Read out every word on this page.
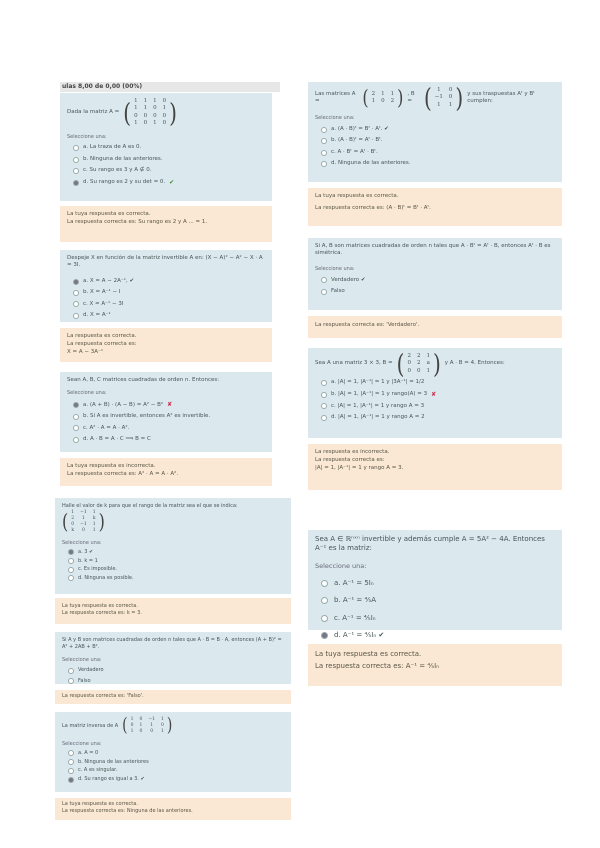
ulas 8,00 de 0,00 (00%)
Dada la matriz A = ( 1	1	1	0
1	1	0	1
0	0	0	0
1	0	1	0 )
Seleccione una:
a. La traza de A es 0.
b. Ninguna de las anteriores.
c. Su rango es 3 y A ∉ 0.
d. Su rango es 2 y su det = 0. ✔
La tuya respuesta es correcta.
La respuesta correcta es: Su rango es 2 y A ... = 1.
Despeje X en función de la matriz invertible A en: (X − A)² − A² − X · A = 3I.
a. X = A − 2A⁻¹, ✔
b. X = A⁻¹ − I
c. X = A⁻¹ − 3I
d. X = A⁻¹
La respuesta es correcta.
La respuesta correcta es:
X = A − 3A⁻¹
Sean A, B, C matrices cuadradas de orden n. Entonces:
Seleccione una:
a. (A + B) · (A − B) = A² − B² ✘
b. Si A es invertible, entonces A² es invertible.
c. A² · A = A · A².
d. A · B = A · C ⟹ B = C
La tuya respuesta es incorrecta.
La respuesta correcta es: A² · A = A · A².
Halle el valor de k para que el rango de la matriz sea el que se indica:
( 1	−1	1
2	1	k
0	−1	1
k	0	1 )
Seleccione una:
a. 3 ✔
b. k = 1
c. Es imposible.
d. Ninguna es posible.
La tuya respuesta es correcta.
La respuesta correcta es: k = 3.
Si A y B son matrices cuadradas de orden n tales que A · B = B · A, entonces (A + B)² = A² + 2AB + B².
Seleccione una:
Verdadero
Falso
La respuesta correcta es: 'Falso'.
La matriz inversa de A ( 1	0	−1	1
0	1	1	0
1	0	0	1 )
Seleccione una:
a. A = 0
b. Ninguna de las anteriores
c. A es singular.
d. Su rango es igual a 3. ✔
La tuya respuesta es correcta.
La respuesta correcta es: Ninguna de las anteriores.
Las matrices A =	( 2	1	1
1	0	2 ) , B = ( 1	0
−1	0
1	1 ) y sus traspuestas Aᵗ y Bᵗ cumplen:
Seleccione una:
a. (A · B)ᵗ = Bᵗ · Aᵗ. ✔
b. (A · B)ᵗ = Aᵗ · Bᵗ.
c. A · Bᵗ = Aᵗ · Bᵗ.
d. Ninguna de las anteriores.
La tuya respuesta es correcta.
La respuesta correcta es: (A · B)ᵗ = Bᵗ · Aᵗ.
Si A, B son matrices cuadradas de orden n tales que A · Bᵗ = Aᵗ · B, entonces Aᵗ · B es simétrica.
Seleccione una:
Verdadero ✔
Falso
La respuesta correcta es: 'Verdadero'.
Sea A una matriz 3 × 3, B = ( 2	2	1
0	2	a
0	0	1 ) y A · B = 4. Entonces:
a. |A| = 1, |A⁻¹| = 1 y |3A⁻¹| = 1/2
b. |A| = 1, |A⁻¹| = 1 y rango(A) = 3 ✘
c. |A| = 1, |A⁻¹| = 1 y rango A = 3
d. |A| = 1, |A⁻¹| = 1 y rango A = 2
La respuesta es incorrecta.
La respuesta correcta es:
|A| = 1, |A⁻¹| = 1 y rango A = 3.
Sea A ∈ ℝⁿˣⁿ invertible y además cumple A = 5A² − 4A. Entonces A⁻¹ es la matriz:
Seleccione una:
a. A⁻¹ = 5Iₙ
b. A⁻¹ = ⅘A
c. A⁻¹ = ⅘Iₙ
d. A⁻¹ = ⅘Iₙ ✔
La tuya respuesta es correcta.
La respuesta correcta es: A⁻¹ = ⅘Iₙ
